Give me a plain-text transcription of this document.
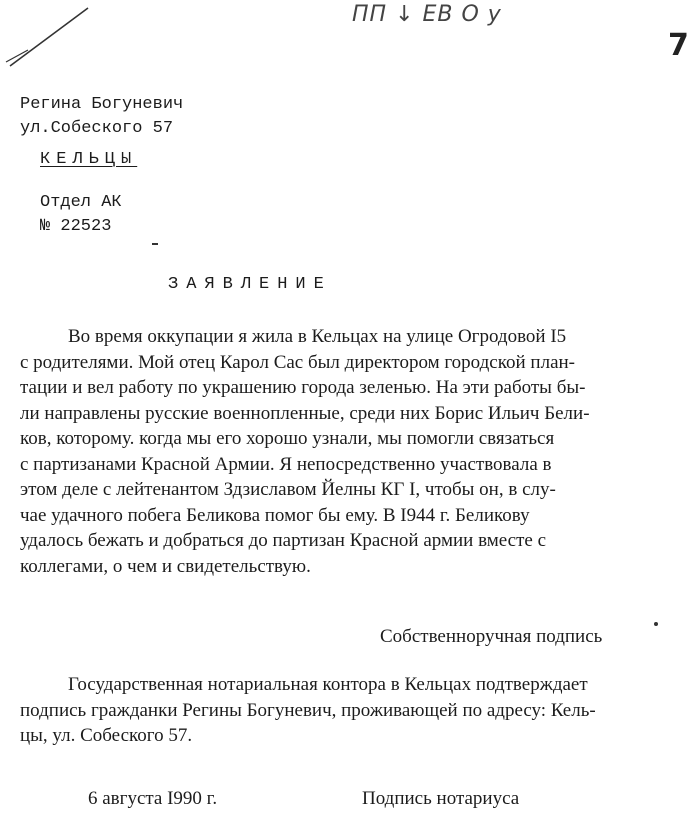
ПП ↓ ЕВ О у
7
Регина Богуневич
ул.Собеского 57
КЕЛЬЦЫ
Отдел АК
№ 22523
ЗАЯВЛЕНИЕ
Во время оккупации я жила в Кельцах на улице Огродовой I5
с родителями. Мой отец Карол Сас был директором городской план-
тации и вел работу по украшению города зеленью. На эти работы бы-
ли направлены русские военнопленные, среди них Борис Ильич Бели-
ков, которому. когда мы его хорошо узнали, мы помогли связаться
с партизанами Красной Армии. Я непосредственно участвовала в
этом деле с лейтенантом Здзиславом Йелны КГ I, чтобы он, в слу-
чае удачного побега Беликова помог бы ему. В I944 г. Беликову
удалось бежать и добраться до партизан Красной армии вместе с
коллегами, о чем и свидетельствую.
Собственноручная подпись
Государственная нотариальная контора в Кельцах подтверждает
подпись гражданки Регины Богуневич, проживающей по адресу: Кель-
цы, ул. Собеского 57.
6 августа I990 г.	Подпись нотариуса
